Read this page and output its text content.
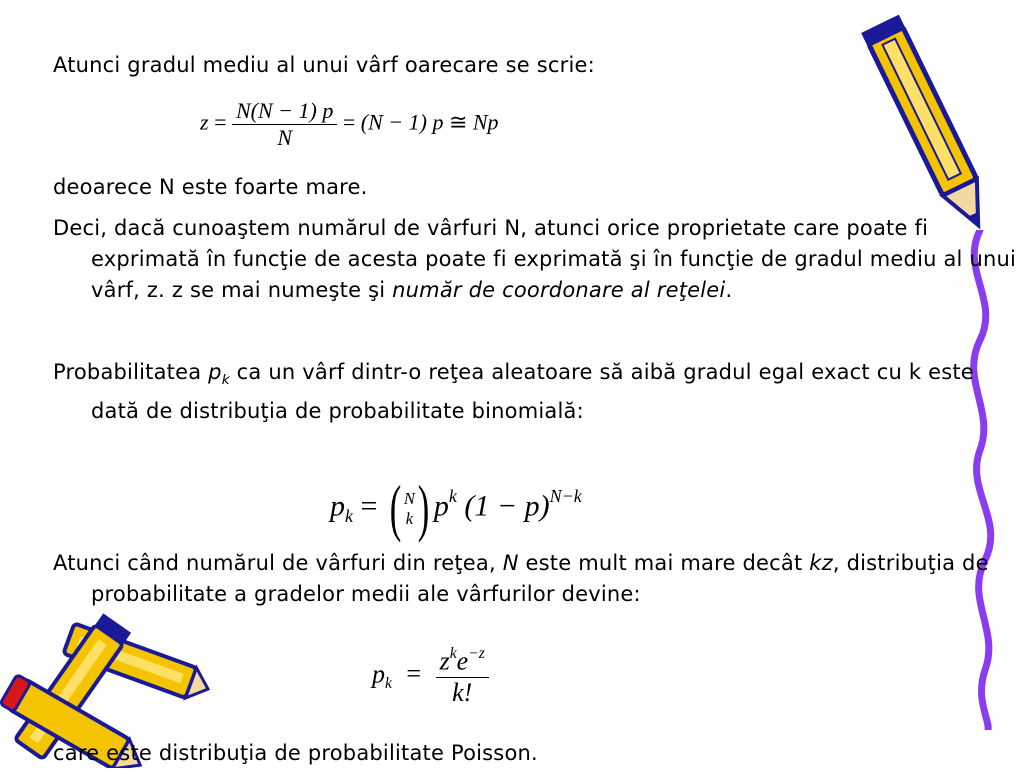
Atunci gradul mediu al unui vârf oarecare se scrie:
$z = \frac{N(N - 1) p}{N} = (N - 1)$ p ≅ Np
deoarece N este foarte mare.
Deci, dacă cunoaştem numărul de vârfuri N, atunci orice proprietate care poate fi exprimată în funcţie de acesta poate fi exprimată şi în funcţie de gradul mediu al unui vârf, z. z se mai numeşte şi număr de coordonare al reţelei.
Probabilitatea $p_k$ ca un vârf dintr-o reţea aleatoare să aibă gradul egal exact cu k este dată de distribuţia de probabilitate binomială:
$p_k$ = ( N
k ) $p^k$ $(1 - p)^{N-k}$
Atunci când numărul de vârfuri din reţea, N este mult mai mare decât kz, distribuţia de probabilitate a gradelor medii ale vârfurilor devine:
$p_k = \frac{z^ke^{-z}}{k!}$
care este distribuţia de probabilitate Poisson.
